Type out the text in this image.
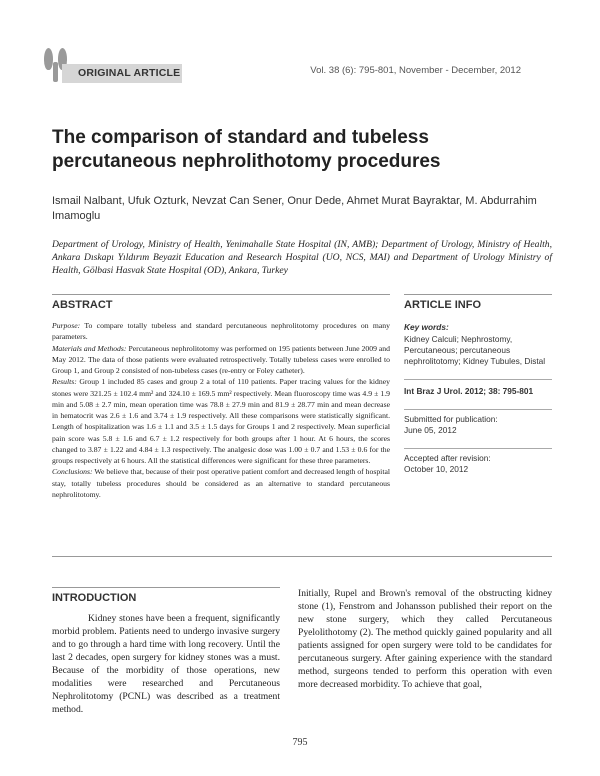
ORIGINAL ARTICLE	Vol. 38 (6): 795-801, November - December, 2012
The comparison of standard and tubeless percutaneous nephrolithotomy procedures
Ismail Nalbant, Ufuk Ozturk, Nevzat Can Sener, Onur Dede, Ahmet Murat Bayraktar, M. Abdurrahim Imamoglu
Department of Urology, Ministry of Health, Yenimahalle State Hospital (IN, AMB); Department of Urology, Ministry of Health, Ankara Dıskapı Yıldırım Beyazit Education and Research Hospital (UO, NCS, MAI) and Department of Urology Ministry of Health, Gölbasi Hasvak State Hospital (OD), Ankara, Turkey
ABSTRACT	ARTICLE INFO

Purpose: To compare totally tubeless and standard percutaneous nephrolitotomy procedures on many parameters.

Materials and Methods: Percutaneous nephrolitotomy was performed on 195 patients between June 2009 and May 2012. The data of those patients were evaluated retrospectively. Totally tubeless cases were enrolled to Group 1, and Group 2 consisted of non-tubeless cases (re-entry or Foley catheter).

Results: Group 1 included 85 cases and group 2 a total of 110 patients. Paper tracing values for the kidney stones were 321.25 ± 102.4 mm² and 324.10 ± 169.5 mm² respectively. Mean fluoroscopy time was 4.9 ± 1.9 min and 5.08 ± 2.7 min, mean operation time was 78.8 ± 27.9 min and 81.9 ± 28.77 min and mean decrease in hematocrit was 2.6 ± 1.6 and 3.74 ± 1.9 respectively. All these comparisons were statistically significant. Length of hospitalization was 1.6 ± 1.1 and 3.5 ± 1.5 days for Groups 1 and 2 respectively. Mean superficial pain score was 5.8 ± 1.6 and 6.7 ± 1.2 respectively for both groups after 1 hour. At 6 hours, the scores changed to 3.87 ± 1.22 and 4.84 ± 1.3 respectively. The analgesic dose was 1.00 ± 0.7 and 1.53 ± 0.6 for the groups respectively at 6 hours. All the statistical differences were significant for these three parameters.

Conclusions: We believe that, because of their post operative patient comfort and decreased length of hospital stay, totally tubeless procedures should be considered as an alternative to standard percutaneous nephrolitotomy.

Key words:
Kidney Calculi; Nephrostomy, Percutaneous; percutaneous nephrolitotomy; Kidney Tubules, Distal
Int Braz J Urol. 2012; 38: 795-801
Submitted for publication:
June 05, 2012
Accepted after revision:
October 10, 2012
INTRODUCTION
Kidney stones have been a frequent, significantly morbid problem. Patients need to undergo invasive surgery and to go through a hard time with long recovery. Until the last 2 decades, open surgery for kidney stones was a must. Because of the morbidity of those operations, new modalities were researched and Percutaneous Nephrolitotomy (PCNL) was described as a treatment method.
Initially, Rupel and Brown's removal of the obstructing kidney stone (1), Fenstrom and Johansson published their report on the new stone surgery, which they called Percutaneous Pyelolithotomy (2). The method quickly gained popularity and all patients assigned for open surgery were told to be candidates for percutaneous surgery. After gaining experience with the standard method, surgeons tended to perform this operation with even more decreased morbidity. To achieve that goal,
795
